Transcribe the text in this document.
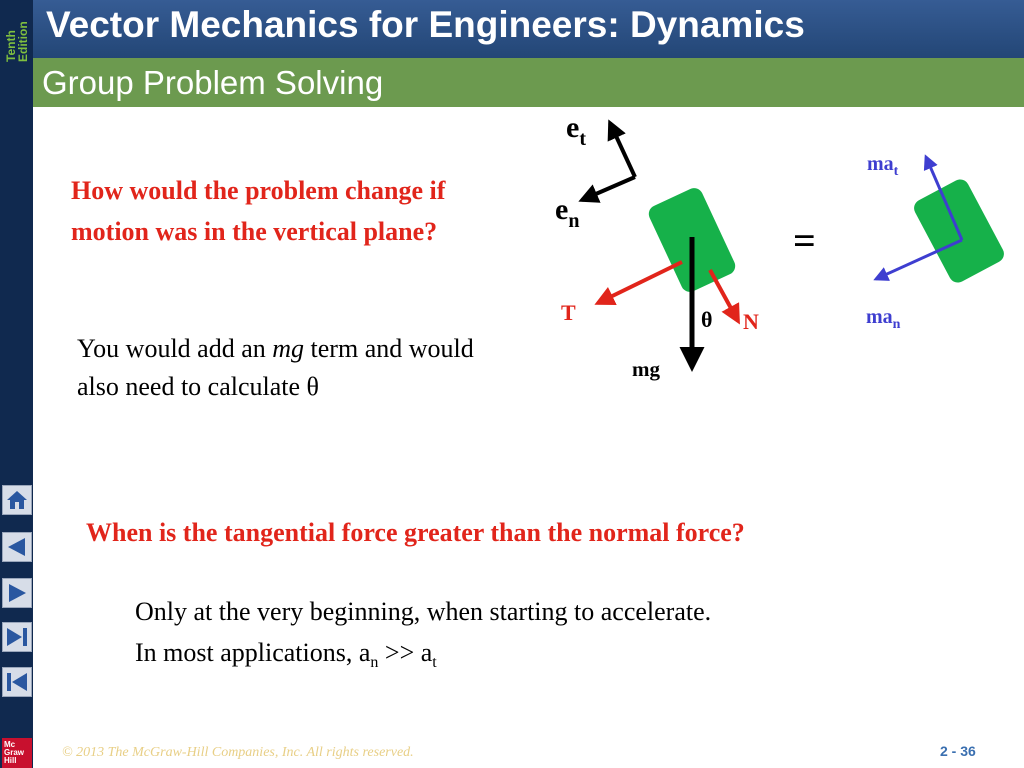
Tenth
Edition
Mc
Graw
Hill
Vector Mechanics for Engineers: Dynamics
Group Problem Solving

How would the problem change if motion was in the vertical plane?

You would add an mg term and would also need to calculate θ

When is the tangential force greater than the normal force?

Only at the very beginning, when starting to accelerate.
In most applications, $a_n >> a_t$

$e_t$
$e_n$
mg
T	N
θ
=
$ma_t$
$ma_n$

© 2013 The McGraw-Hill Companies, Inc. All rights reserved.	2 - 36
